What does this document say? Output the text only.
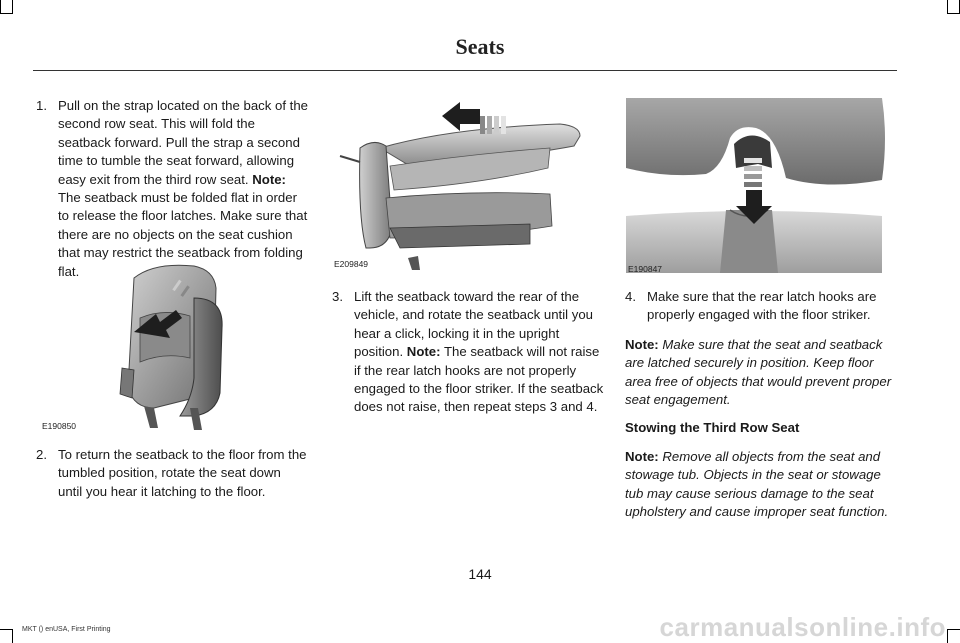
Seats
1. Pull on the strap located on the back of the second row seat. This will fold the seatback forward. Pull the strap a second time to tumble the seat forward, allowing easy exit from the third row seat. Note: The seatback must be folded flat in order to release the floor latches. Make sure that there are no objects on the seat cushion that may restrict the seatback from folding flat.
E190850
2. To return the seatback to the floor from the tumbled position, rotate the seat down until you hear it latching to the floor.
E209849
3. Lift the seatback toward the rear of the vehicle, and rotate the seatback until you hear a click, locking it in the upright position. Note: The seatback will not raise if the rear latch hooks are not properly engaged to the floor striker. If the seatback does not raise, then repeat steps 3 and 4.
E190847
4. Make sure that the rear latch hooks are properly engaged with the floor striker.

Note: Make sure that the seat and seatback are latched securely in position. Keep floor area free of objects that would prevent proper seat engagement.

Stowing the Third Row Seat

Note: Remove all objects from the seat and stowage tub. Objects in the seat or stowage tub may cause serious damage to the seat upholstery and cause improper seat function.

144
MKT () enUSA, First Printing	carmanualsonline.info
